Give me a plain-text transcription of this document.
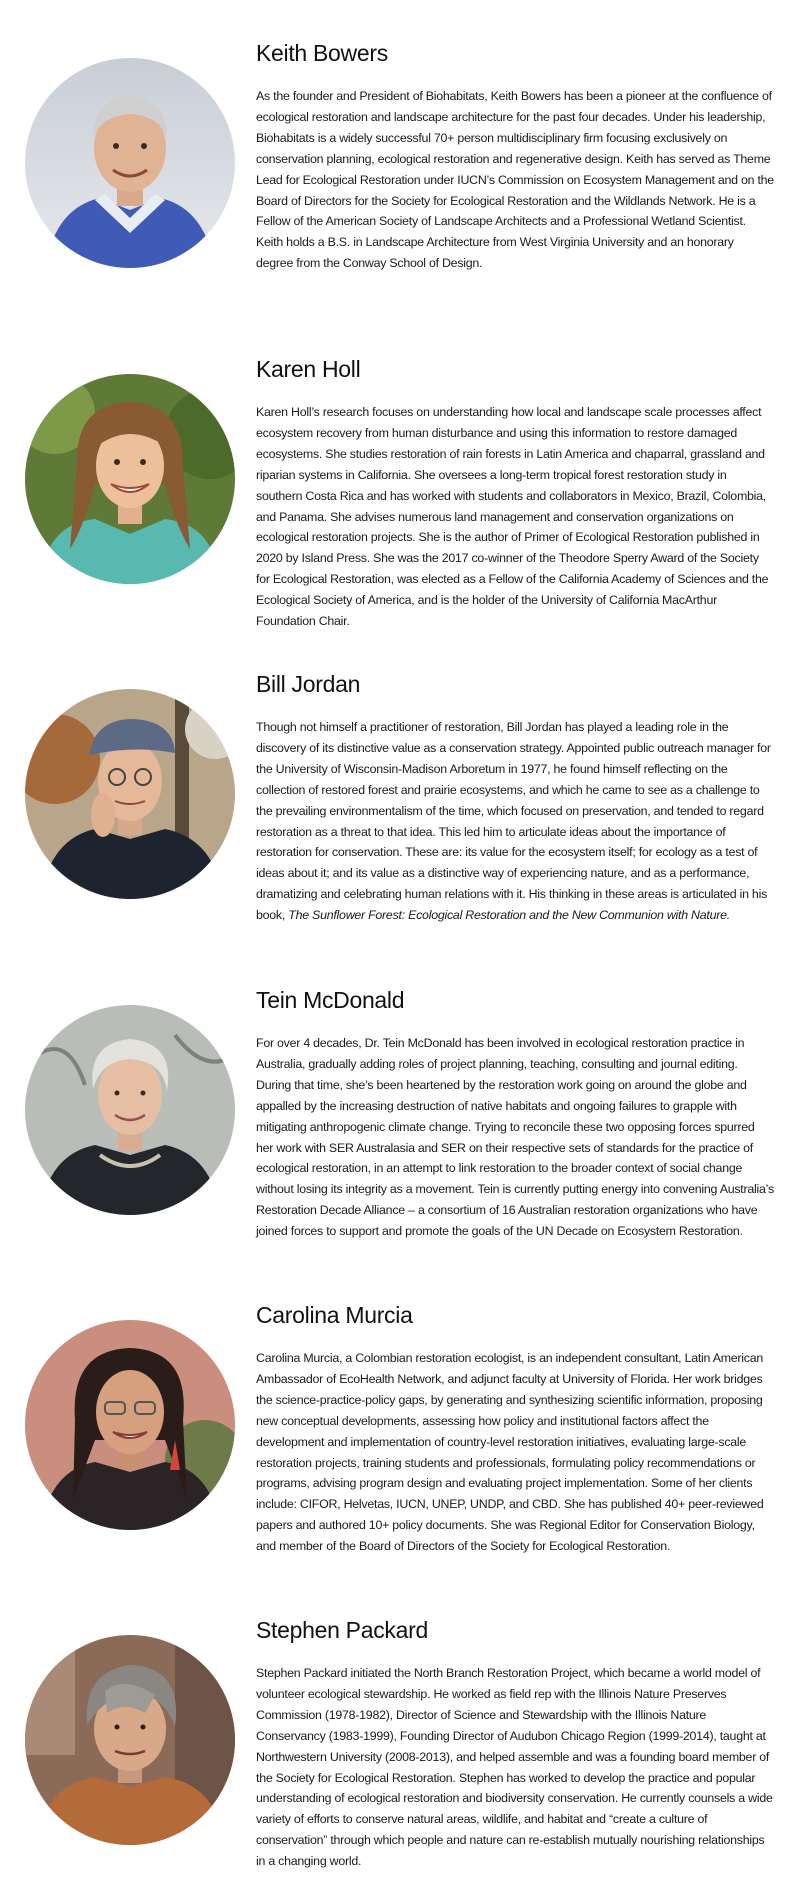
Keith Bowers

As the founder and President of Biohabitats, Keith Bowers has been a pioneer at the confluence of ecological restoration and landscape architecture for the past four decades. Under his leadership, Biohabitats is a widely successful 70+ person multidisciplinary firm focusing exclusively on conservation planning, ecological restoration and regenerative design. Keith has served as Theme Lead for Ecological Restoration under IUCN’s Commission on Ecosystem Management and on the Board of Directors for the Society for Ecological Restoration and the Wildlands Network. He is a Fellow of the American Society of Landscape Architects and a Professional Wetland Scientist. Keith holds a B.S. in Landscape Architecture from West Virginia University and an honorary degree from the Conway School of Design.

Karen Holl

Karen Holl’s research focuses on understanding how local and landscape scale processes affect ecosystem recovery from human disturbance and using this information to restore damaged ecosystems. She studies restoration of rain forests in Latin America and chaparral, grassland and riparian systems in California. She oversees a long-term tropical forest restoration study in southern Costa Rica and has worked with students and collaborators in Mexico, Brazil, Colombia, and Panama. She advises numerous land management and conservation organizations on ecological restoration projects. She is the author of Primer of Ecological Restoration published in 2020 by Island Press. She was the 2017 co-winner of the Theodore Sperry Award of the Society for Ecological Restoration, was elected as a Fellow of the California Academy of Sciences and the Ecological Society of America, and is the holder of the University of California MacArthur Foundation Chair.

Bill Jordan

Though not himself a practitioner of restoration, Bill Jordan has played a leading role in the discovery of its distinctive value as a conservation strategy. Appointed public outreach manager for the University of Wisconsin-Madison Arboretum in 1977, he found himself reflecting on the collection of restored forest and prairie ecosystems, and which he came to see as a challenge to the prevailing environmentalism of the time, which focused on preservation, and tended to regard restoration as a threat to that idea. This led him to articulate ideas about the importance of restoration for conservation. These are: its value for the ecosystem itself; for ecology as a test of ideas about it; and its value as a distinctive way of experiencing nature, and as a performance, dramatizing and celebrating human relations with it. His thinking in these areas is articulated in his book, The Sunflower Forest: Ecological Restoration and the New Communion with Nature.

Tein McDonald

For over 4 decades, Dr. Tein McDonald has been involved in ecological restoration practice in Australia, gradually adding roles of project planning, teaching, consulting and journal editing. During that time, she’s been heartened by the restoration work going on around the globe and appalled by the increasing destruction of native habitats and ongoing failures to grapple with mitigating anthropogenic climate change. Trying to reconcile these two opposing forces spurred her work with SER Australasia and SER on their respective sets of standards for the practice of ecological restoration, in an attempt to link restoration to the broader context of social change without losing its integrity as a movement. Tein is currently putting energy into convening Australia’s Restoration Decade Alliance – a consortium of 16 Australian restoration organizations who have joined forces to support and promote the goals of the UN Decade on Ecosystem Restoration.

Carolina Murcia

Carolina Murcia, a Colombian restoration ecologist, is an independent consultant, Latin American Ambassador of EcoHealth Network, and adjunct faculty at University of Florida. Her work bridges the science-practice-policy gaps, by generating and synthesizing scientific information, proposing new conceptual developments, assessing how policy and institutional factors affect the development and implementation of country-level restoration initiatives, evaluating large-scale restoration projects, training students and professionals, formulating policy recommendations or programs, advising program design and evaluating project implementation. Some of her clients include: CIFOR, Helvetas, IUCN, UNEP, UNDP, and CBD. She has published 40+ peer-reviewed papers and authored 10+ policy documents. She was Regional Editor for Conservation Biology, and member of the Board of Directors of the Society for Ecological Restoration.

Stephen Packard

Stephen Packard initiated the North Branch Restoration Project, which became a world model of volunteer ecological stewardship. He worked as field rep with the Illinois Nature Preserves Commission (1978-1982), Director of Science and Stewardship with the Illinois Nature Conservancy (1983-1999), Founding Director of Audubon Chicago Region (1999-2014), taught at Northwestern University (2008-2013), and helped assemble and was a founding board member of the Society for Ecological Restoration. Stephen has worked to develop the practice and popular understanding of ecological restoration and biodiversity conservation. He currently counsels a wide variety of efforts to conserve natural areas, wildlife, and habitat and “create a culture of conservation” through which people and nature can re-establish mutually nourishing relationships in a changing world.
